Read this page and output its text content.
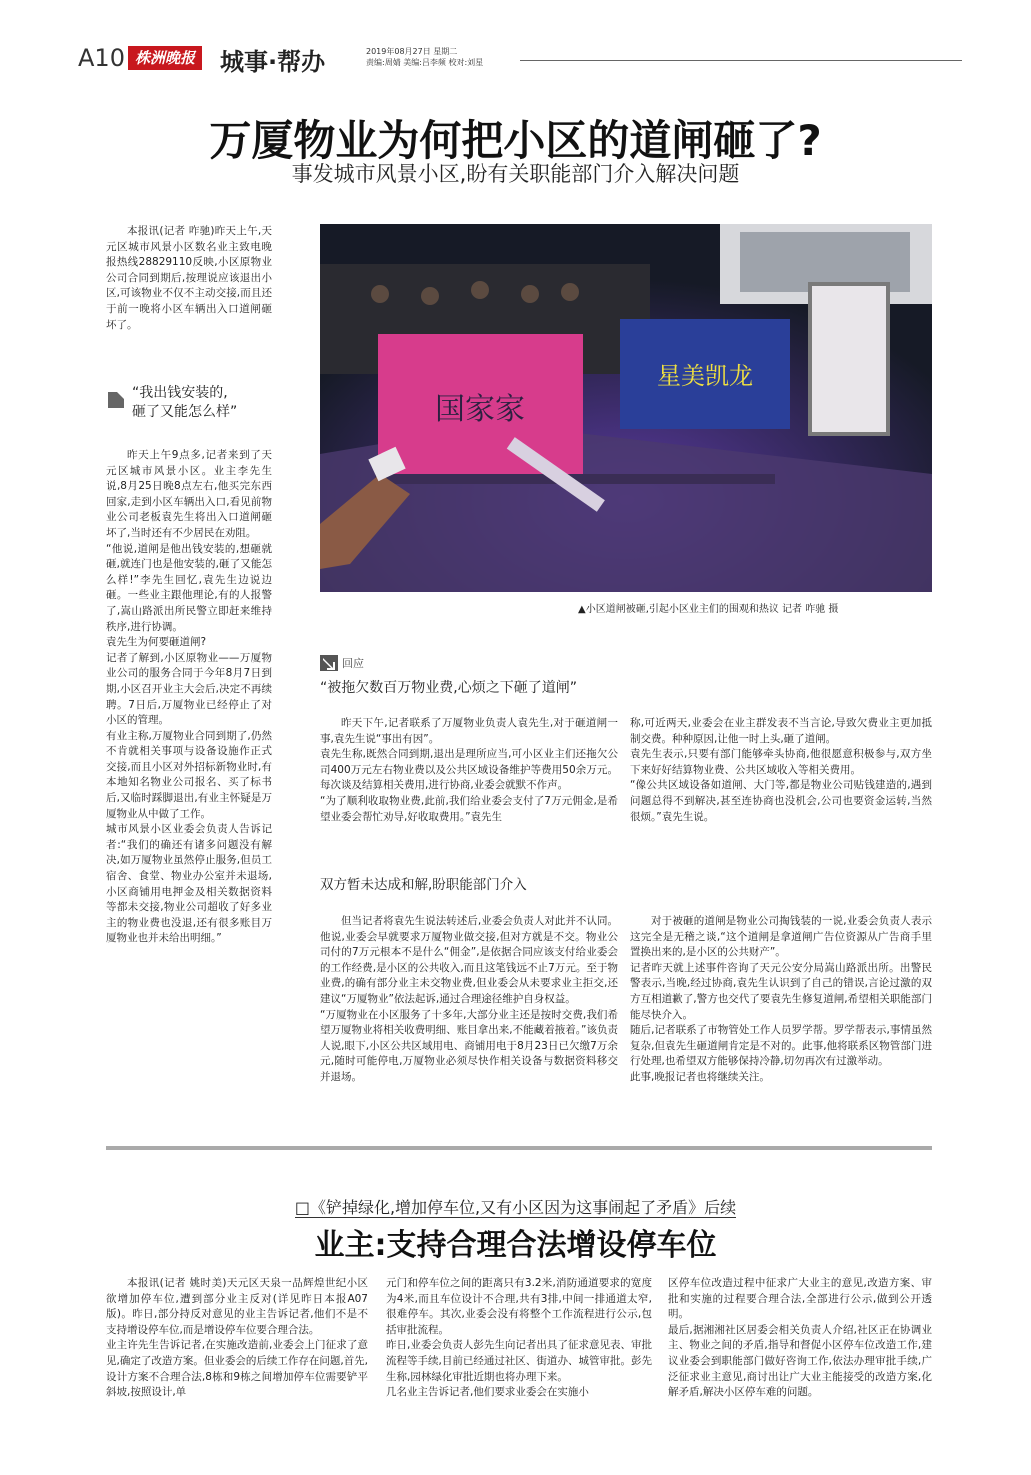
A10 株洲晚报 城事·帮办	2019年08月27日 星期二
责编:周婧 美编:吕李频 校对:刘星
万厦物业为何把小区的道闸砸了?
事发城市风景小区,盼有关职能部门介入解决问题

本报讯(记者 咋驰)昨天上午,天元区城市风景小区数名业主致电晚报热线28829110反映,小区原物业公司合同到期后,按理说应该退出小区,可该物业不仅不主动交接,而且还于前一晚将小区车辆出入口道闸砸坏了。

“我出钱安装的,
砸了又能怎么样”

昨天上午9点多,记者来到了天元区城市风景小区。业主李先生说,8月25日晚8点左右,他买完东西回家,走到小区车辆出入口,看见前物业公司老板袁先生将出入口道闸砸坏了,当时还有不少居民在劝阻。
“他说,道闸是他出钱安装的,想砸就砸,就连门也是他安装的,砸了又能怎么样!”李先生回忆,袁先生边说边砸。一些业主跟他理论,有的人报警了,嵩山路派出所民警立即赶来维持秩序,进行协调。
袁先生为何要砸道闸?
记者了解到,小区原物业——万厦物业公司的服务合同于今年8月7日到期,小区召开业主大会后,决定不再续聘。7日后,万厦物业已经停止了对小区的管理。
有业主称,万厦物业合同到期了,仍然不肯就相关事项与设备设施作正式交接,而且小区对外招标新物业时,有本地知名物业公司报名、买了标书后,又临时踩脚退出,有业主怀疑是万厦物业从中做了工作。
城市风景小区业委会负责人告诉记者:“我们的确还有诸多问题没有解决,如万厦物业虽然停止服务,但员工宿舍、食堂、物业办公室并未退场,小区商铺用电押金及相关数据资料等都未交接,物业公司超收了好多业主的物业费也没退,还有很多账目万厦物业也并未给出明细。”

国家家
星美凯龙
▲小区道闸被砸,引起小区业主们的围观和热议 记者 咋驰 摄
回应
“被拖欠数百万物业费,心烦之下砸了道闸”

昨天下午,记者联系了万厦物业负责人袁先生,对于砸道闸一事,袁先生说“事出有因”。
袁先生称,既然合同到期,退出是理所应当,可小区业主们还拖欠公司400万元左右物业费以及公共区域设备维护等费用50余万元。每次谈及结算相关费用,进行协商,业委会就默不作声。
“为了顺利收取物业费,此前,我们给业委会支付了7万元佣金,是希望业委会帮忙劝导,好收取费用。”袁先生

称,可近两天,业委会在业主群发表不当言论,导致欠费业主更加抵制交费。种种原因,让他一时上头,砸了道闸。
袁先生表示,只要有部门能够牵头协商,他很愿意积极参与,双方坐下来好好结算物业费、公共区域收入等相关费用。
“像公共区域设备如道闸、大门等,都是物业公司贴钱建造的,遇到问题总得不到解决,甚至连协商也没机会,公司也要资金运转,当然很烦。”袁先生说。

双方暂未达成和解,盼职能部门介入

但当记者将袁先生说法转述后,业委会负责人对此并不认同。他说,业委会早就要求万厦物业做交接,但对方就是不交。物业公司付的7万元根本不是什么“佣金”,是依据合同应该支付给业委会的工作经费,是小区的公共收入,而且这笔钱远不止7万元。至于物业费,的确有部分业主未交物业费,但业委会从未要求业主拒交,还建议“万厦物业”依法起诉,通过合理途径维护自身权益。
“万厦物业在小区服务了十多年,大部分业主还是按时交费,我们希望万厦物业将相关收费明细、账目拿出来,不能藏着掖着。”该负责人说,眼下,小区公共区域用电、商铺用电于8月23日已欠缴7万余元,随时可能停电,万厦物业必须尽快作相关设备与数据资料移交并退场。

对于被砸的道闸是物业公司掏钱装的一说,业委会负责人表示这完全是无稽之谈,“这个道闸是拿道闸广告位资源从广告商手里置换出来的,是小区的公共财产”。
记者昨天就上述事件咨询了天元公安分局嵩山路派出所。出警民警表示,当晚,经过协商,袁先生认识到了自己的错误,言论过激的双方互相道歉了,警方也交代了要袁先生修复道闸,希望相关职能部门能尽快介入。
随后,记者联系了市物管处工作人员罗学帮。罗学帮表示,事情虽然复杂,但袁先生砸道闸肯定是不对的。此事,他将联系区物管部门进行处理,也希望双方能够保持冷静,切勿再次有过激举动。
此事,晚报记者也将继续关注。

□《铲掉绿化,增加停车位,又有小区因为这事闹起了矛盾》后续
业主:支持合理合法增设停车位

本报讯(记者 姚时美)天元区天泉一品辉煌世纪小区欲增加停车位,遭到部分业主反对(详见昨日本报A07版)。昨日,部分持反对意见的业主告诉记者,他们不是不支持增设停车位,而是增设停车位要合理合法。
业主许先生告诉记者,在实施改造前,业委会上门征求了意见,确定了改造方案。但业委会的后续工作存在问题,首先,设计方案不合理合法,8栋和9栋之间增加停车位需要铲平斜坡,按照设计,单

元门和停车位之间的距离只有3.2米,消防通道要求的宽度为4米,而且车位设计不合理,共有3排,中间一排通道太窄,很难停车。其次,业委会没有将整个工作流程进行公示,包括审批流程。
昨日,业委会负责人彭先生向记者出具了征求意见表、审批流程等手续,目前已经通过社区、街道办、城管审批。彭先生称,园林绿化审批近期也将办理下来。
几名业主告诉记者,他们要求业委会在实施小

区停车位改造过程中征求广大业主的意见,改造方案、审批和实施的过程要合理合法,全部进行公示,做到公开透明。
最后,据湘湘社区居委会相关负责人介绍,社区正在协调业主、物业之间的矛盾,指导和督促小区停车位改造工作,建议业委会到职能部门做好咨询工作,依法办理审批手续,广泛征求业主意见,商讨出让广大业主能接受的改造方案,化解矛盾,解决小区停车难的问题。
